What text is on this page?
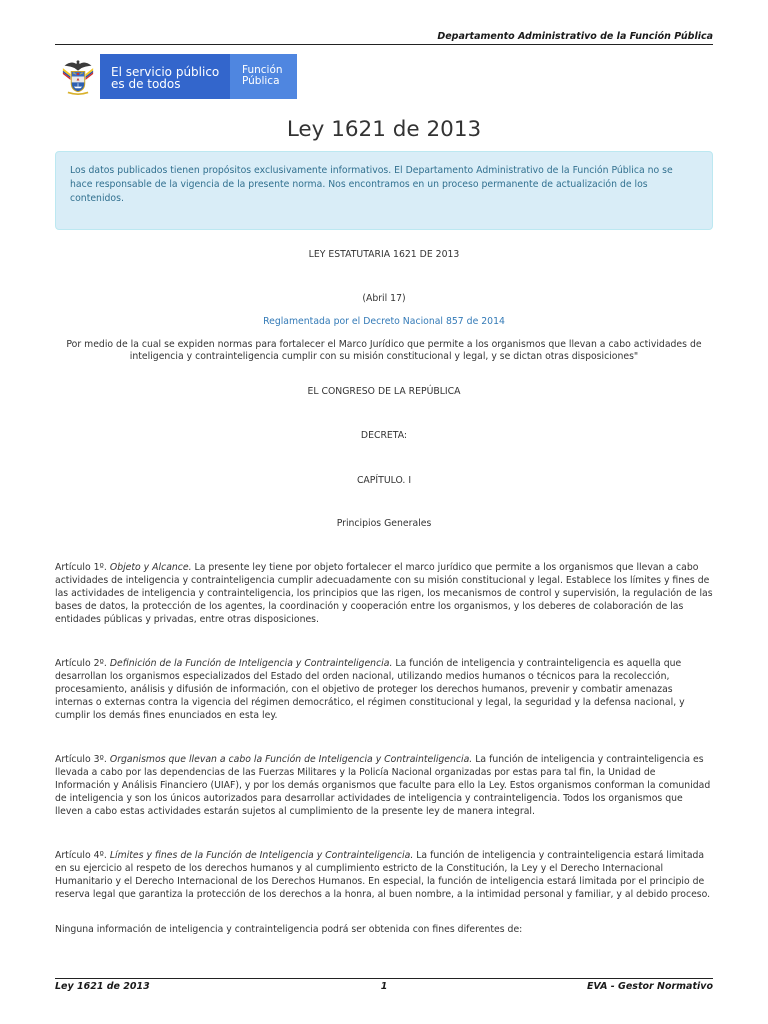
Departamento Administrativo de la Función Pública
El servicio público
es de todos
Función
Pública
Ley 1621 de 2013
Los datos publicados tienen propósitos exclusivamente informativos. El Departamento Administrativo de la Función Pública no se
hace responsable de la vigencia de la presente norma. Nos encontramos en un proceso permanente de actualización de los
contenidos.
LEY ESTATUTARIA 1621 DE 2013
(Abril 17)
Reglamentada por el Decreto Nacional 857 de 2014
Por medio de la cual se expiden normas para fortalecer el Marco Jurídico que permite a los organismos que llevan a cabo actividades de
inteligencia y contrainteligencia cumplir con su misión constitucional y legal, y se dictan otras disposiciones"
EL CONGRESO DE LA REPÚBLICA
DECRETA:
CAPÍTULO. I
Principios Generales
Artículo 1º. Objeto y Alcance. La presente ley tiene por objeto fortalecer el marco jurídico que permite a los organismos que llevan a cabo
actividades de inteligencia y contrainteligencia cumplir adecuadamente con su misión constitucional y legal. Establece los límites y fines de
las actividades de inteligencia y contrainteligencia, los principios que las rigen, los mecanismos de control y supervisión, la regulación de las
bases de datos, la protección de los agentes, la coordinación y cooperación entre los organismos, y los deberes de colaboración de las
entidades públicas y privadas, entre otras disposiciones.
Artículo 2º. Definición de la Función de Inteligencia y Contrainteligencia. La función de inteligencia y contrainteligencia es aquella que
desarrollan los organismos especializados del Estado del orden nacional, utilizando medios humanos o técnicos para la recolección,
procesamiento, análisis y difusión de información, con el objetivo de proteger los derechos humanos, prevenir y combatir amenazas
internas o externas contra la vigencia del régimen democrático, el régimen constitucional y legal, la seguridad y la defensa nacional, y
cumplir los demás fines enunciados en esta ley.
Artículo 3º. Organismos que llevan a cabo la Función de Inteligencia y Contrainteligencia. La función de inteligencia y contrainteligencia es
llevada a cabo por las dependencias de las Fuerzas Militares y la Policía Nacional organizadas por estas para tal fin, la Unidad de
Información y Análisis Financiero (UIAF), y por los demás organismos que faculte para ello la Ley. Estos organismos conforman la comunidad
de inteligencia y son los únicos autorizados para desarrollar actividades de inteligencia y contrainteligencia. Todos los organismos que
lleven a cabo estas actividades estarán sujetos al cumplimiento de la presente ley de manera integral.
Artículo 4º. Límites y fines de la Función de Inteligencia y Contrainteligencia. La función de inteligencia y contrainteligencia estará limitada
en su ejercicio al respeto de los derechos humanos y al cumplimiento estricto de la Constitución, la Ley y el Derecho Internacional
Humanitario y el Derecho Internacional de los Derechos Humanos. En especial, la función de inteligencia estará limitada por el principio de
reserva legal que garantiza la protección de los derechos a la honra, al buen nombre, a la intimidad personal y familiar, y al debido proceso.
Ninguna información de inteligencia y contrainteligencia podrá ser obtenida con fines diferentes de:
Ley 1621 de 2013	1	EVA - Gestor Normativo
